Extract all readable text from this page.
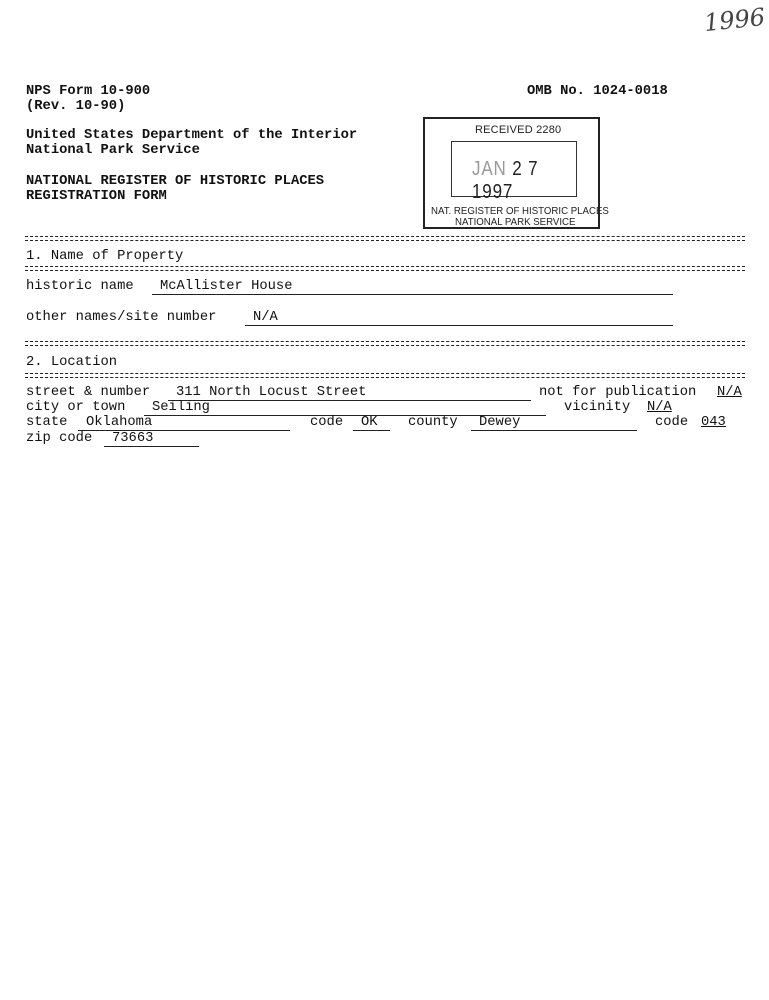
1996
NPS Form 10-900
(Rev. 10-90)
OMB No. 1024-0018
United States Department of the Interior
National Park Service
NATIONAL REGISTER OF HISTORIC PLACES
REGISTRATION FORM
RECEIVED 2280
JAN 2 7 1997
NAT. REGISTER OF HISTORIC PLACES
NATIONAL PARK SERVICE
1. Name of Property
historic name	McAllister House
other names/site number	N/A
2. Location
street & number	311 North Locust Street	not for publication N/A
city or town	Seiling	vicinity N/A
state	Oklahoma	code	OK	county	Dewey	code 043
zip code	73663
